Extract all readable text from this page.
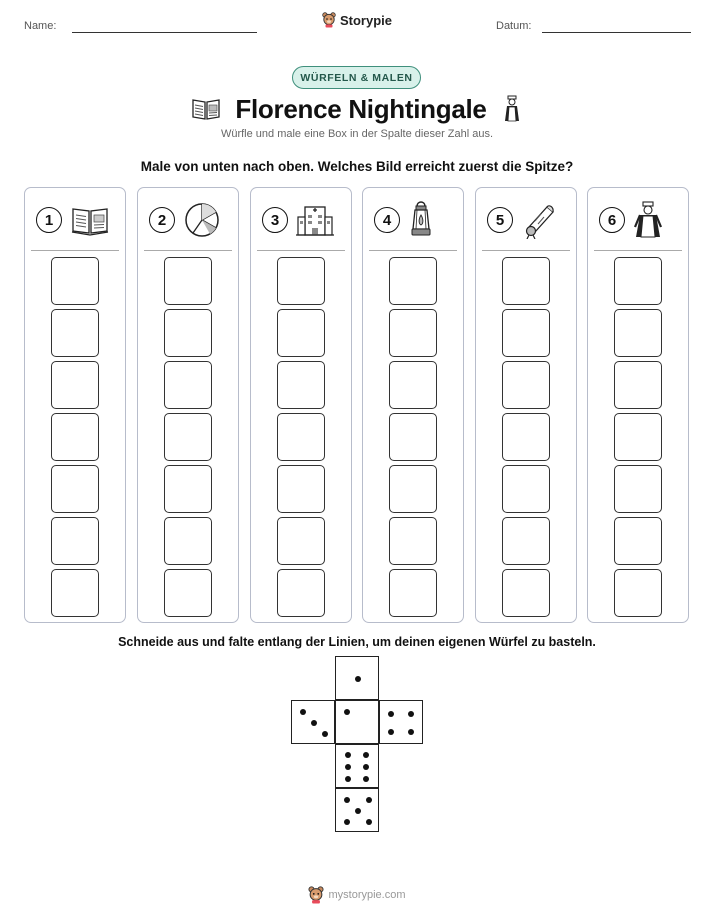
Name:	Datum:
Storypie
WÜRFELN & MALEN
Florence Nightingale
Würfle und male eine Box in der Spalte dieser Zahl aus.
Male von unten nach oben. Welches Bild erreicht zuerst die Spitze?
1	2	3	4	5	6
Schneide aus und falte entlang der Linien, um deinen eigenen Würfel zu basteln.
mystorypie.com
